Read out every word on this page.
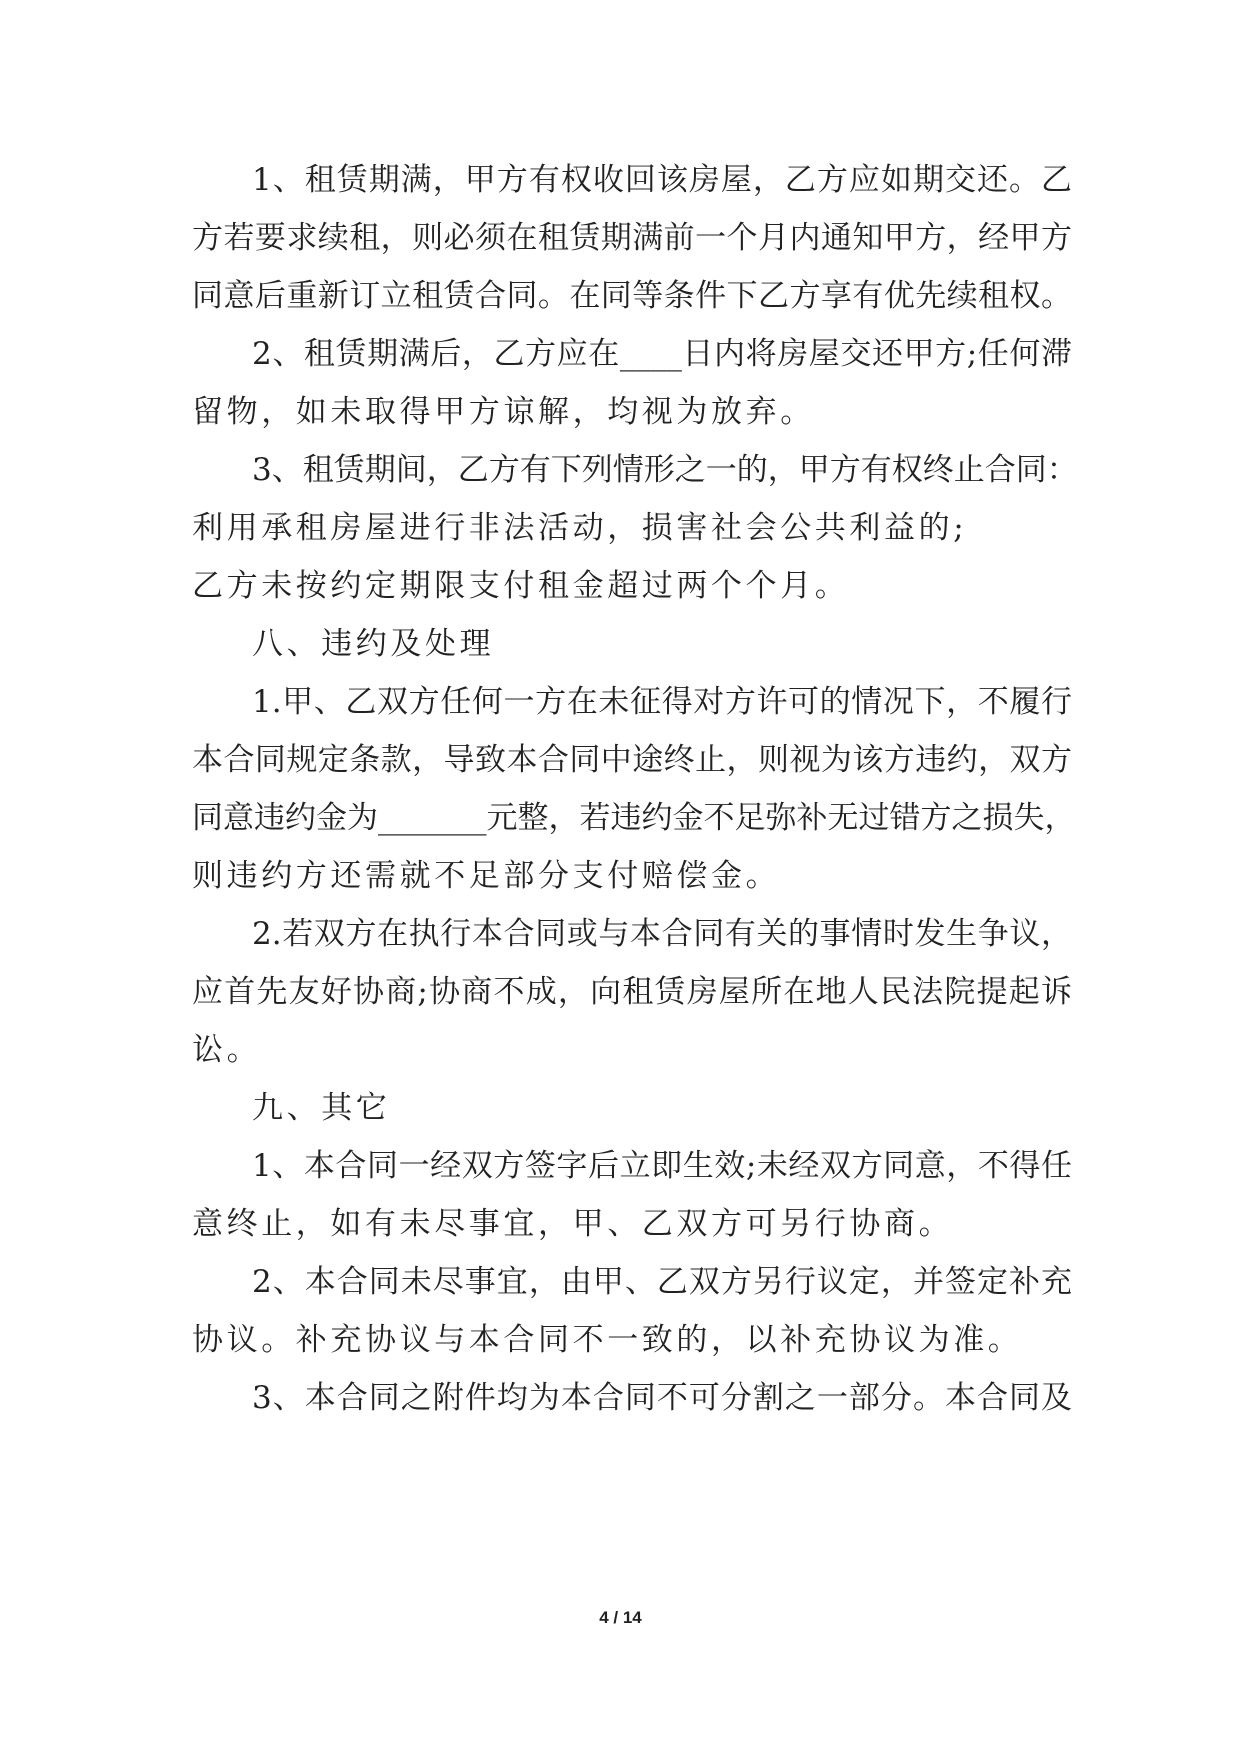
1、租赁期满，甲方有权收回该房屋，乙方应如期交还。乙
方若要求续租，则必须在租赁期满前一个月内通知甲方，经甲方
同意后重新订立租赁合同。在同等条件下乙方享有优先续租权。
2、租赁期满后，乙方应在____日内将房屋交还甲方;任何滞
留物，如未取得甲方谅解，均视为放弃。
3、租赁期间，乙方有下列情形之一的，甲方有权终止合同：
利用承租房屋进行非法活动，损害社会公共利益的;
乙方未按约定期限支付租金超过两个个月。
八、违约及处理
1.甲、乙双方任何一方在未征得对方许可的情况下，不履行
本合同规定条款，导致本合同中途终止，则视为该方违约，双方
同意违约金为_______元整，若违约金不足弥补无过错方之损失，
则违约方还需就不足部分支付赔偿金。
2.若双方在执行本合同或与本合同有关的事情时发生争议，
应首先友好协商;协商不成，向租赁房屋所在地人民法院提起诉
讼。
九、其它
1、本合同一经双方签字后立即生效;未经双方同意，不得任
意终止，如有未尽事宜，甲、乙双方可另行协商。
2、本合同未尽事宜，由甲、乙双方另行议定，并签定补充
协议。补充协议与本合同不一致的，以补充协议为准。
3、本合同之附件均为本合同不可分割之一部分。本合同及
4 / 14
